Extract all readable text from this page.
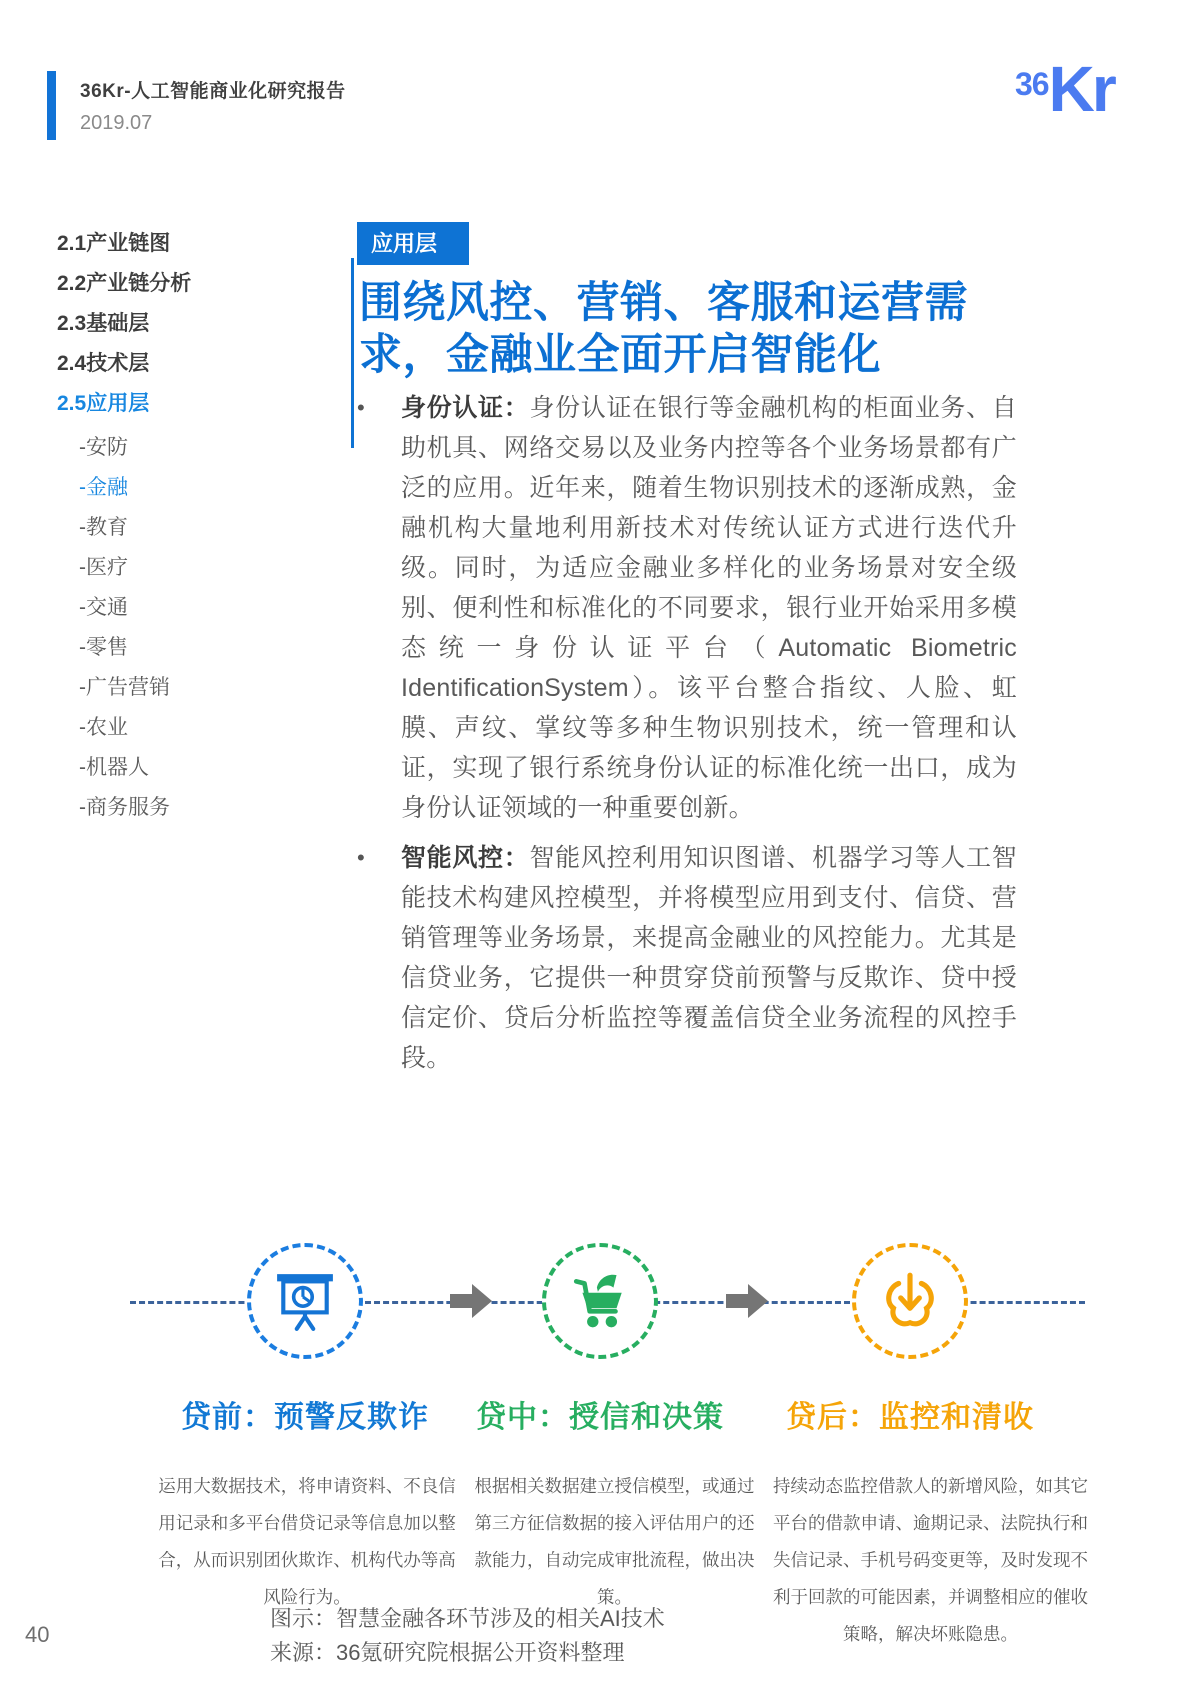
36Kr-人工智能商业化研究报告
2019.07
36 Kr
2.1产业链图
2.2产业链分析
2.3基础层
2.4技术层
2.5应用层
-安防
-金融
-教育
-医疗
-交通
-零售
-广告营销
-农业
-机器人
-商务服务
应用层
围绕风控、营销、客服和运营需求，金融业全面开启智能化
•

身份认证：身份认证在银行等金融机构的柜面业务、自助机具、网络交易以及业务内控等各个业务场景都有广泛的应用。近年来，随着生物识别技术的逐渐成熟，金融机构大量地利用新技术对传统认证方式进行迭代升级。同时，为适应金融业多样化的业务场景对安全级别、便利性和标准化的不同要求，银行业开始采用多模态统一身份认证平台（Automatic Biometric IdentificationSystem）。该平台整合指纹、人脸、虹膜、声纹、掌纹等多种生物识别技术，统一管理和认证，实现了银行系统身份认证的标准化统一出口，成为身份认证领域的一种重要创新。

•

智能风控：智能风控利用知识图谱、机器学习等人工智能技术构建风控模型，并将模型应用到支付、信贷、营销管理等业务场景，来提高金融业的风控能力。尤其是信贷业务，它提供一种贯穿贷前预警与反欺诈、贷中授信定价、贷后分析监控等覆盖信贷全业务流程的风控手段。

贷前：预警反欺诈	贷中：授信和决策	贷后：监控和清收
运用大数据技术，将申请资料、不良信用记录和多平台借贷记录等信息加以整合，从而识别团伙欺诈、机构代办等高风险行为。
根据相关数据建立授信模型，或通过第三方征信数据的接入评估用户的还款能力，自动完成审批流程，做出决策。
持续动态监控借款人的新增风险，如其它平台的借款申请、逾期记录、法院执行和失信记录、手机号码变更等，及时发现不利于回款的可能因素，并调整相应的催收策略，解决坏账隐患。
图示：智慧金融各环节涉及的相关AI技术
来源：36氪研究院根据公开资料整理
40
